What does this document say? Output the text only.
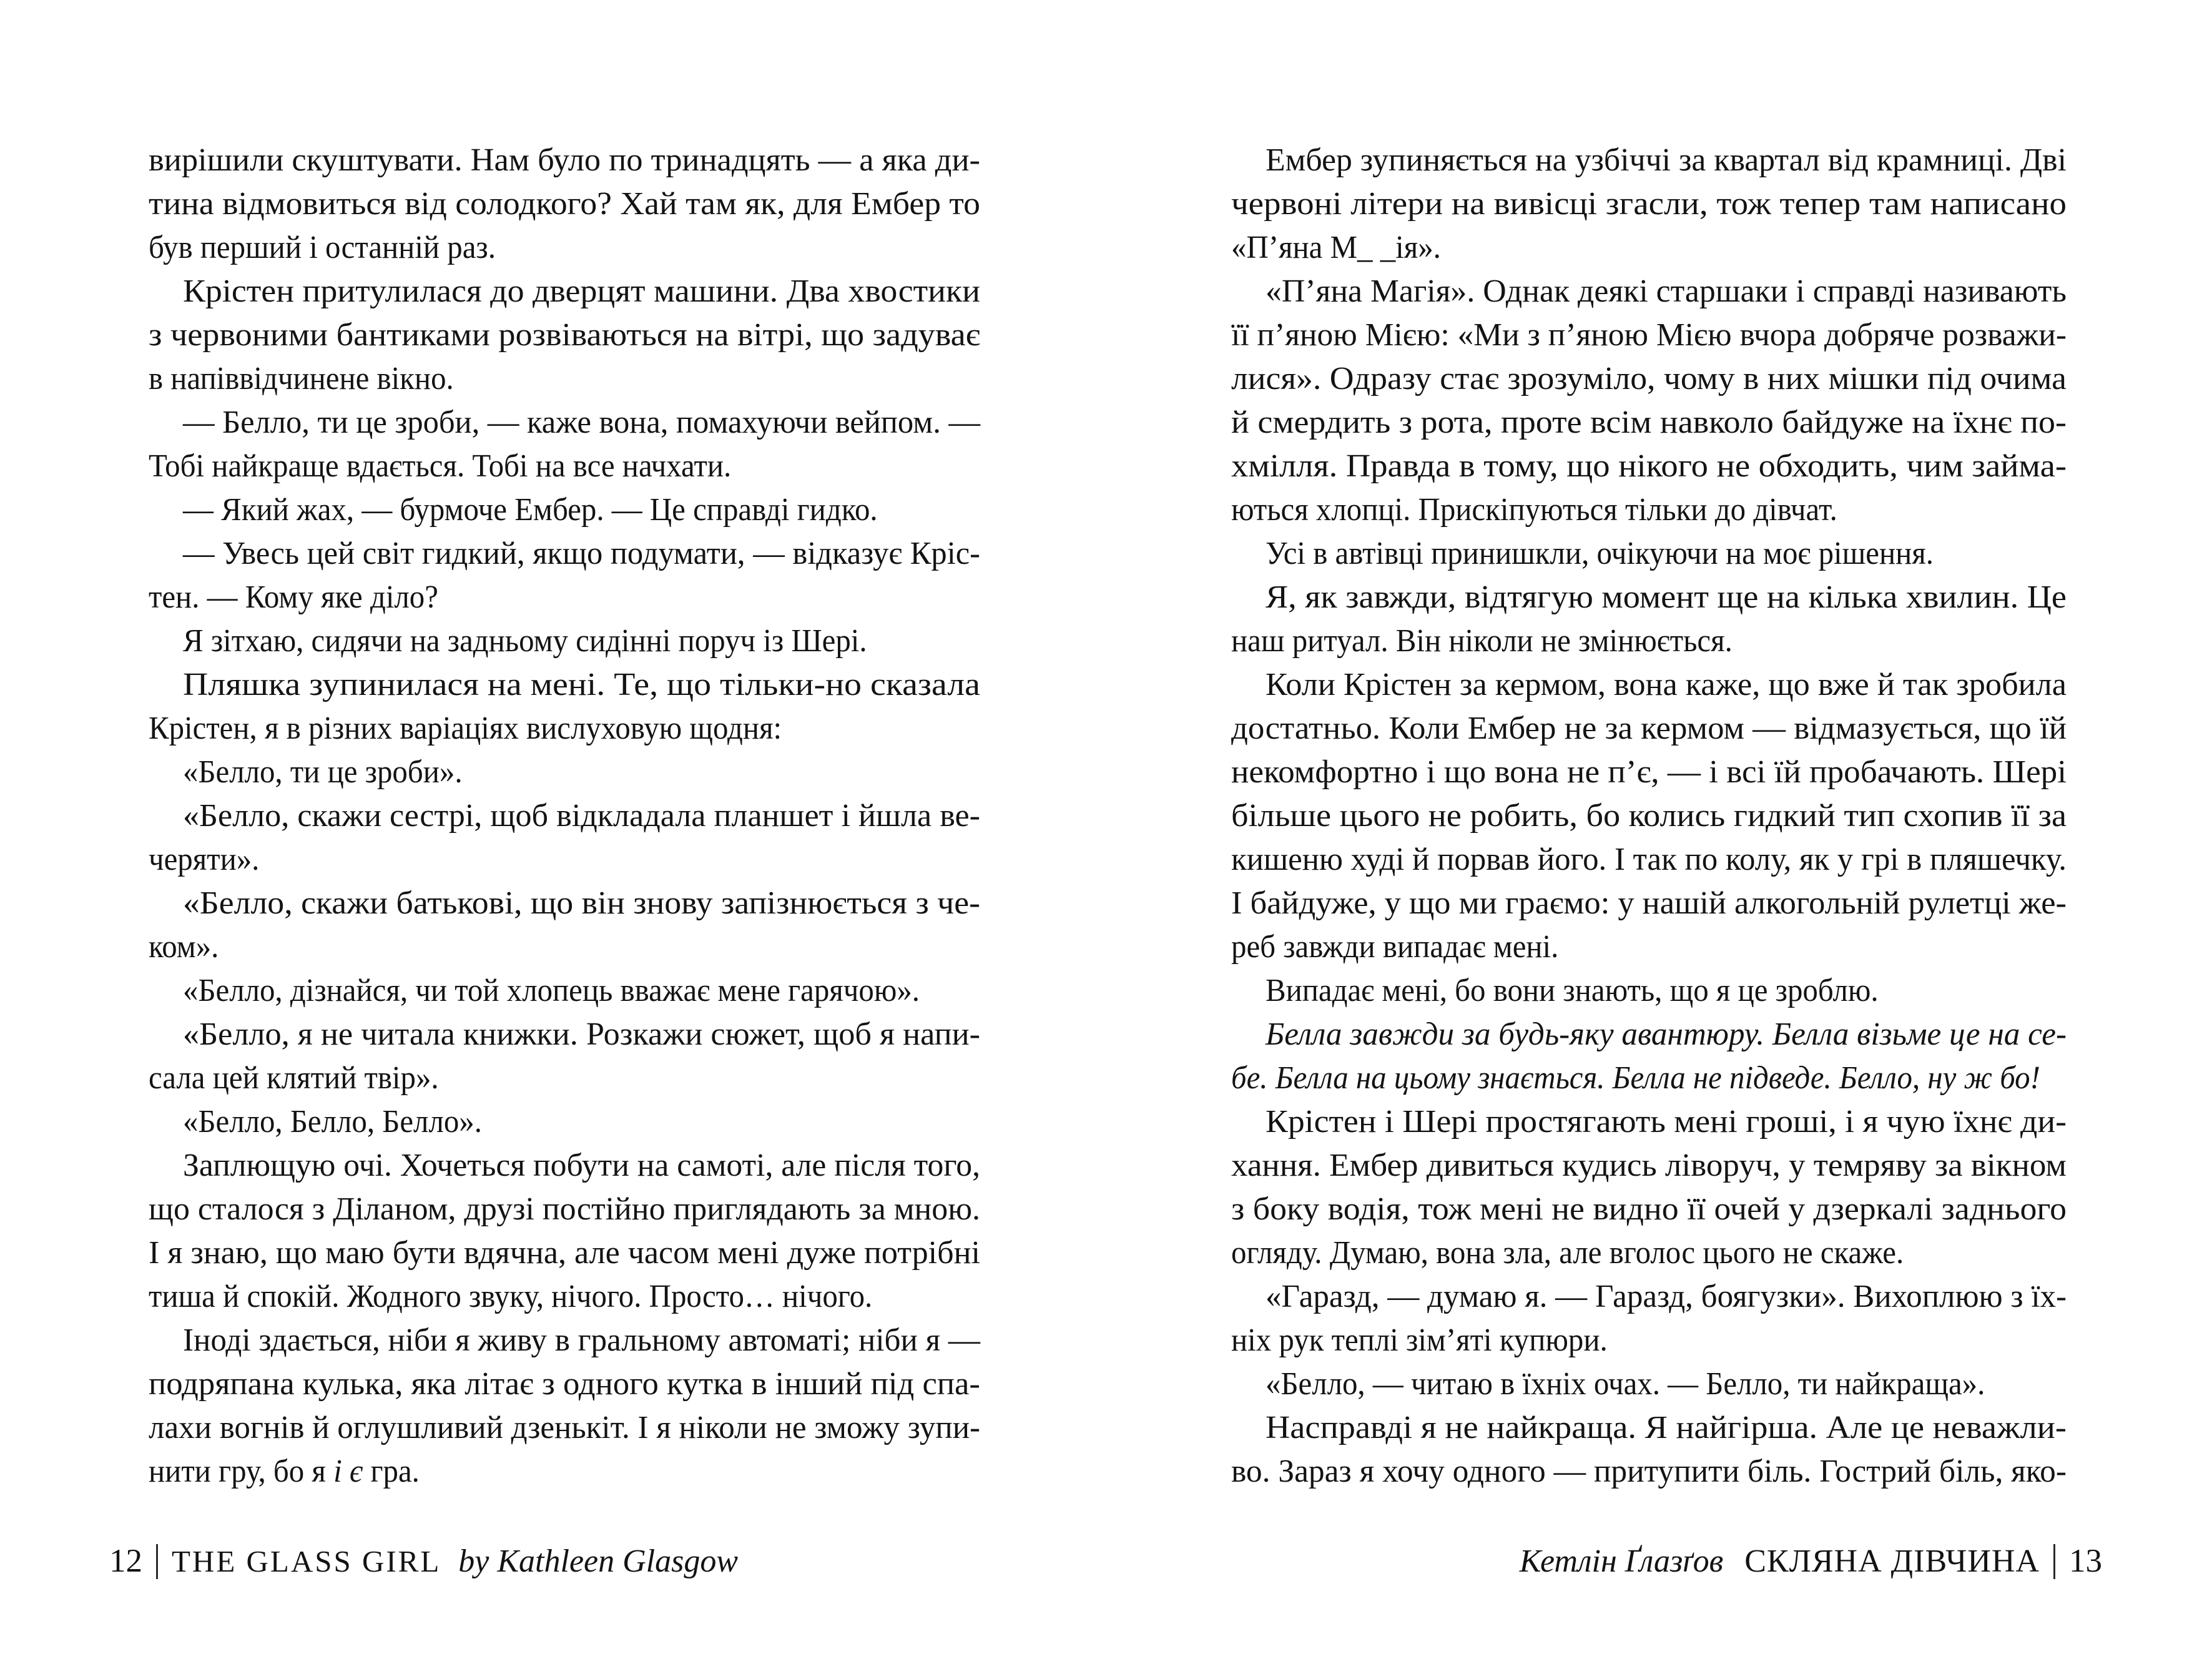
вирішили скуштувати. Нам було по тринадцять — а яка ди-
тина відмовиться від солодкого? Хай там як, для Ембер то
був перший і останній раз.
Крістен притулилася до дверцят машини. Два хвостики
з червоними бантиками розвіваються на вітрі, що задуває
в напіввідчинене вікно.
— Белло, ти це зроби, — каже вона, помахуючи вейпом. —
Тобі найкраще вдається. Тобі на все начхати.
— Який жах, — бурмоче Ембер. — Це справді гидко.
— Увесь цей світ гидкий, якщо подумати, — відказує Кріс-
тен. — Кому яке діло?
Я зітхаю, сидячи на задньому сидінні поруч із Шері.
Пляшка зупинилася на мені. Те, що тільки-но сказала
Крістен, я в різних варіаціях вислуховую щодня:
«Белло, ти це зроби».
«Белло, скажи сестрі, щоб відкладала планшет і йшла ве-
черяти».
«Белло, скажи батькові, що він знову запізнюється з че-
ком».
«Белло, дізнайся, чи той хлопець вважає мене гарячою».
«Белло, я не читала книжки. Розкажи сюжет, щоб я напи-
сала цей клятий твір».
«Белло, Белло, Белло».
Заплющую очі. Хочеться побути на самоті, але після того,
що сталося з Діланом, друзі постійно приглядають за мною.
І я знаю, що маю бути вдячна, але часом мені дуже потрібні
тиша й спокій. Жодного звуку, нічого. Просто… нічого.
Іноді здається, ніби я живу в гральному автоматі; ніби я —
подряпана кулька, яка літає з одного кутка в інший під спа-
лахи вогнів й оглушливий дзенькіт. І я ніколи не зможу зупи-
нити гру, бо я і є гра.
Ембер зупиняється на узбіччі за квартал від крамниці. Дві
червоні літери на вивісці згасли, тож тепер там написано
«П’яна М_ _ія».
«П’яна Магія». Однак деякі старшаки і справді називають
її п’яною Мією: «Ми з п’яною Мією вчора добряче розважи-
лися». Одразу стає зрозуміло, чому в них мішки під очима
й смердить з рота, проте всім навколо байдуже на їхнє по-
хмілля. Правда в тому, що нікого не обходить, чим займа-
ються хлопці. Прискіпуються тільки до дівчат.
Усі в автівці принишкли, очікуючи на моє рішення.
Я, як завжди, відтягую момент ще на кілька хвилин. Це
наш ритуал. Він ніколи не змінюється.
Коли Крістен за кермом, вона каже, що вже й так зробила
достатньо. Коли Ембер не за кермом — відмазується, що їй
некомфортно і що вона не п’є, — і всі їй пробачають. Шері
більше цього не робить, бо колись гидкий тип схопив її за
кишеню худі й порвав його. І так по колу, як у грі в пляшечку.
І байдуже, у що ми граємо: у нашій алкогольній рулетці же-
реб завжди випадає мені.
Випадає мені, бо вони знають, що я це зроблю.
Белла завжди за будь-яку авантюру. Белла візьме це на се-
бе. Белла на цьому знається. Белла не підведе. Белло, ну ж бо!
Крістен і Шері простягають мені гроші, і я чую їхнє ди-
хання. Ембер дивиться кудись ліворуч, у темряву за вікном
з боку водія, тож мені не видно її очей у дзеркалі заднього
огляду. Думаю, вона зла, але вголос цього не скаже.
«Гаразд, — думаю я. — Гаразд, боягузки». Вихоплюю з їх-
ніх рук теплі зім’яті купюри.
«Белло, — читаю в їхніх очах. — Белло, ти найкраща».
Насправді я не найкраща. Я найгірша. Але це неважли-
во. Зараз я хочу одного — притупити біль. Гострий біль, яко-
12 THE GLASS GIRL by Kathleen Glasgow	Кетлін Ґлазґов СКЛЯНА ДІВЧИНА 13
